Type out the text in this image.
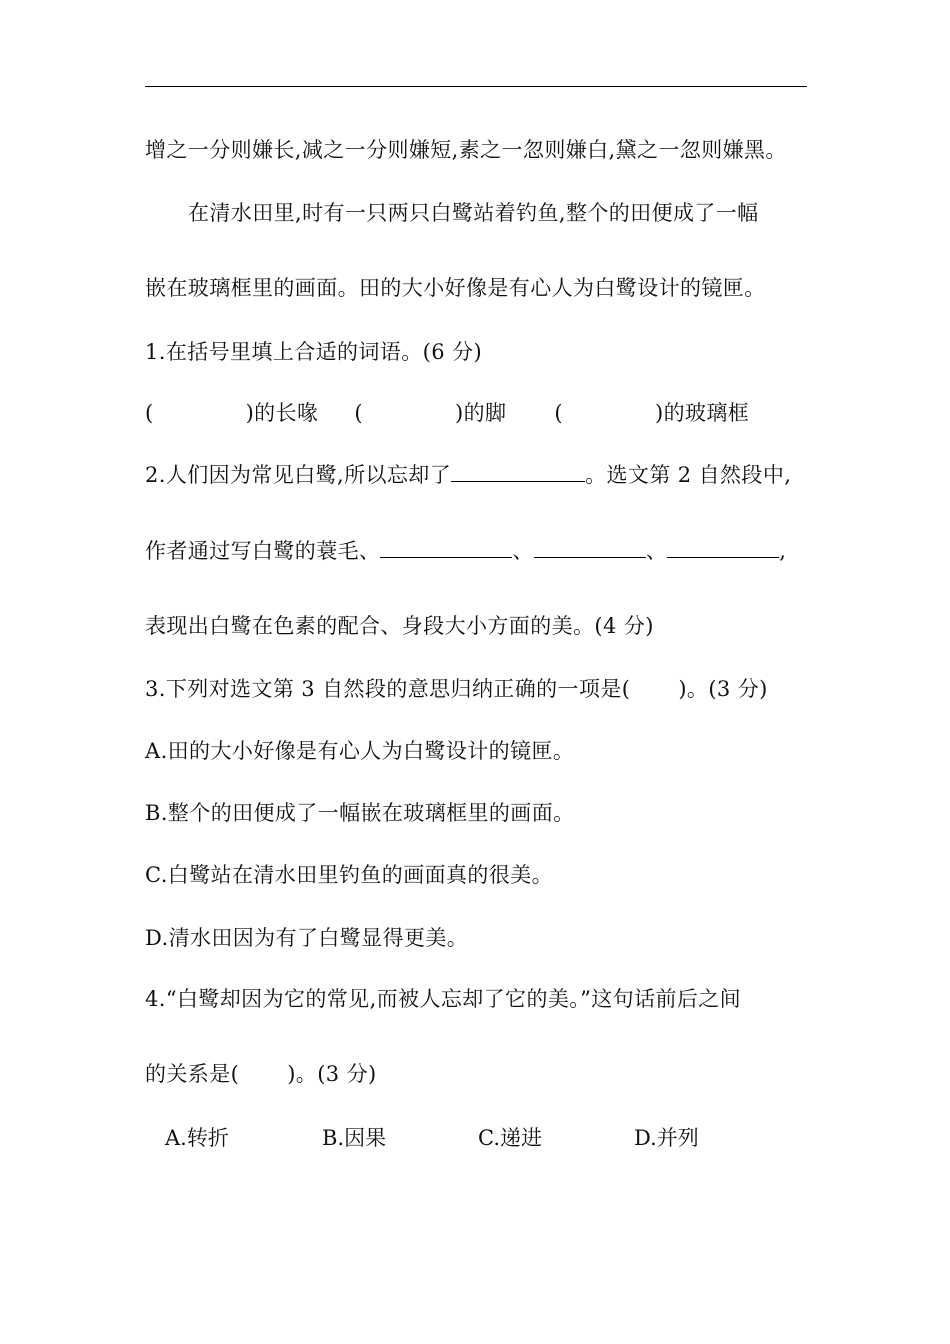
增之一分则嫌长,减之一分则嫌短,素之一忽则嫌白,黛之一忽则嫌黑。
在清水田里,时有一只两只白鹭站着钓鱼,整个的田便成了一幅
嵌在玻璃框里的画面。田的大小好像是有心人为白鹭设计的镜匣。
1.在括号里填上合适的词语。(6 分)
(	)的长喙 (	)的脚 (	)的玻璃框
2.人们因为常见白鹭,所以忘却了	。选文第 2 自然段中,
作者通过写白鹭的蓑毛、	、	、	,
表现出白鹭在色素的配合、身段大小方面的美。(4 分)
3.下列对选文第 3 自然段的意思归纳正确的一项是( )。(3 分)
A.田的大小好像是有心人为白鹭设计的镜匣。
B.整个的田便成了一幅嵌在玻璃框里的画面。
C.白鹭站在清水田里钓鱼的画面真的很美。
D.清水田因为有了白鹭显得更美。
4.“白鹭却因为它的常见,而被人忘却了它的美。”这句话前后之间
的关系是( )。(3 分)
A.转折	B.因果	C.递进	D.并列
